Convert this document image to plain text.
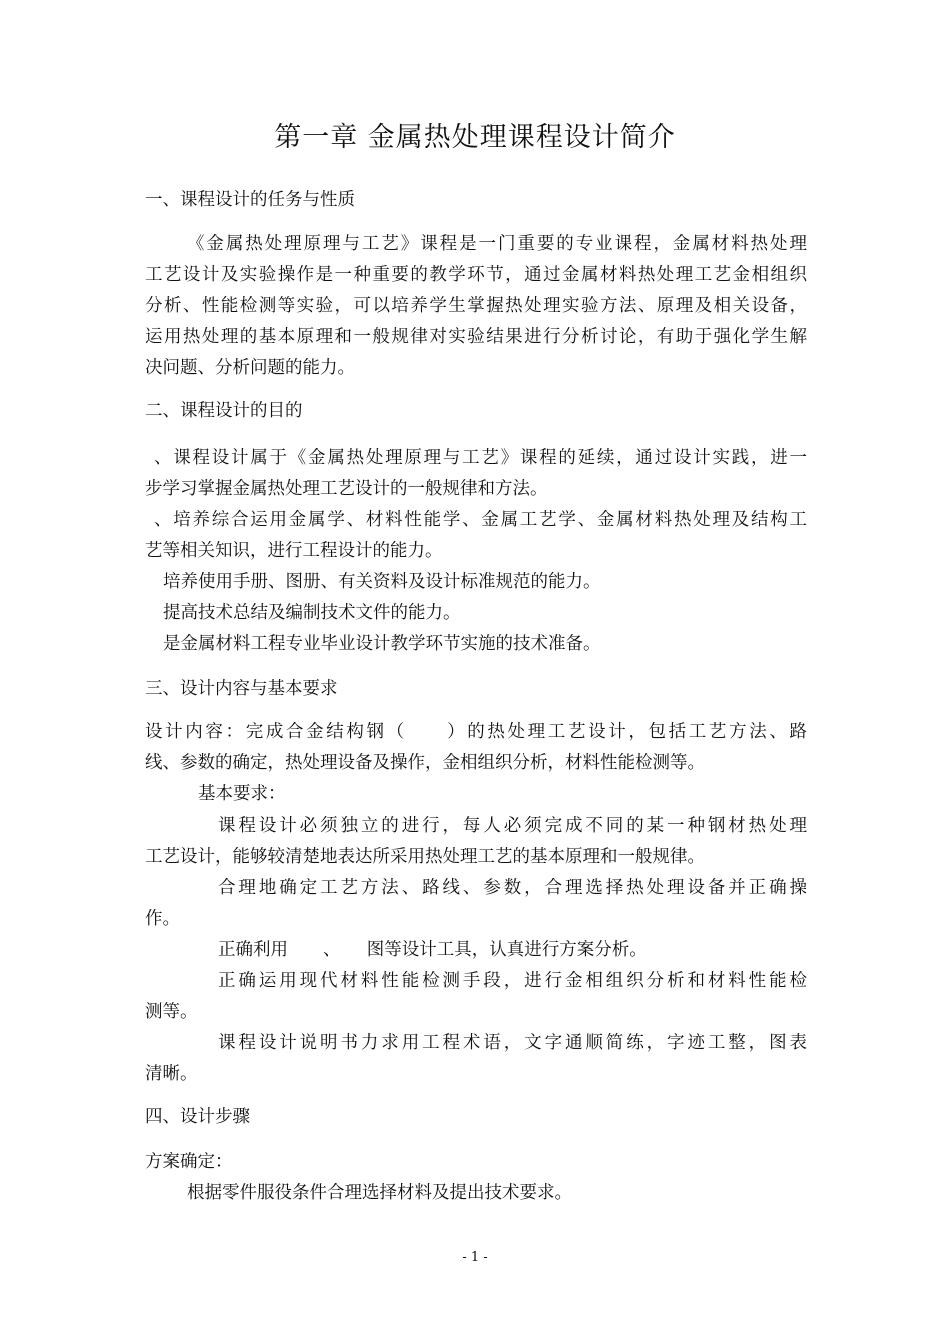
第一章 金属热处理课程设计简介
一、课程设计的任务与性质
《金属热处理原理与工艺》课程是一门重要的专业课程，金属材料热处理
工艺设计及实验操作是一种重要的教学环节，通过金属材料热处理工艺金相组织
分析、性能检测等实验，可以培养学生掌握热处理实验方法、原理及相关设备，
运用热处理的基本原理和一般规律对实验结果进行分析讨论，有助于强化学生解
决问题、分析问题的能力。
二、课程设计的目的
、课程设计属于《金属热处理原理与工艺》课程的延续，通过设计实践，进一
步学习掌握金属热处理工艺设计的一般规律和方法。
、培养综合运用金属学、材料性能学、金属工艺学、金属材料热处理及结构工
艺等相关知识，进行工程设计的能力。
培养使用手册、图册、有关资料及设计标准规范的能力。
提高技术总结及编制技术文件的能力。
是金属材料工程专业毕业设计教学环节实施的技术准备。
三、设计内容与基本要求
设计内容：完成合金结构钢（　　）的热处理工艺设计，包括工艺方法、路
线、参数的确定，热处理设备及操作，金相组织分析，材料性能检测等。
基本要求：
课程设计必须独立的进行，每人必须完成不同的某一种钢材热处理
工艺设计，能够较清楚地表达所采用热处理工艺的基本原理和一般规律。
合理地确定工艺方法、路线、参数，合理选择热处理设备并正确操
作。
正确利用　　、　　图等设计工具，认真进行方案分析。
正确运用现代材料性能检测手段，进行金相组织分析和材料性能检
测等。
课程设计说明书力求用工程术语，文字通顺简练，字迹工整，图表
清晰。
四、设计步骤
方案确定：
根据零件服役条件合理选择材料及提出技术要求。
- 1 -
